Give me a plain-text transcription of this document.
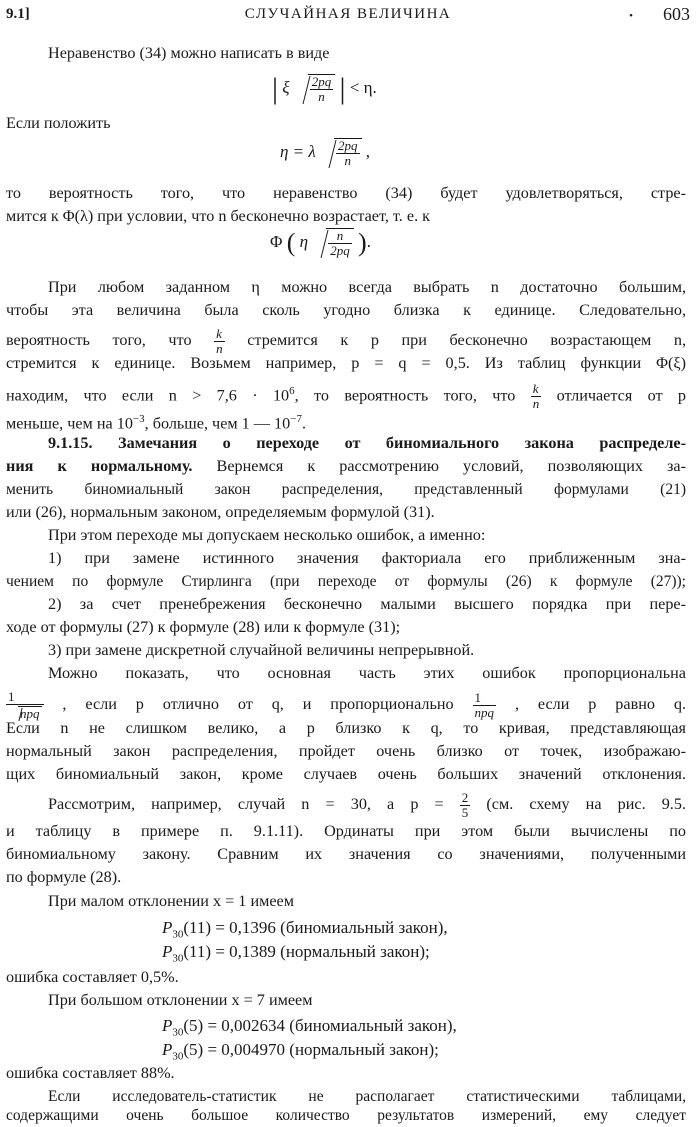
9.1]	СЛУЧАЙНАЯ ВЕЛИЧИНА	• 603
Неравенство (34) можно написать в виде
| ξ $\frac{2pq}{n}$ | < η.
Если положить
η = λ $\frac{2pq}{n}$ ,
то вероятность того, что неравенство (34) будет удовлетворяться, стре-
мится к Φ(λ) при условии, что n бесконечно возрастает, т. е. к
Φ ( η $\frac{n}{2pq}$ ).
При любом заданном η можно всегда выбрать n достаточно большим,
чтобы эта величина была сколь угодно близка к единице. Следовательно,
вероятность того, что $\frac{k}{n}$ стремится к p при бесконечно возрастающем n,
стремится к единице. Возьмем например, p = q = 0,5. Из таблиц функции Φ(ξ)
находим, что если $n > 7,6 \cdot 10^6$, то вероятность того, что $\frac{k}{n}$ отличается от p
меньше, чем на $10^{-3}$, больше, чем 1 — $10^{-7}$.
9.1.15. Замечания о переходе от биномиального закона распределе-
ния к нормальному. Вернемся к рассмотрению условий, позволяющих за-
менить биномиальный закон распределения, представленный формулами (21)
или (26), нормальным законом, определяемым формулой (31).
При этом переходе мы допускаем несколько ошибок, а именно:
1) при замене истинного значения факториала его приближенным зна-
чением по формуле Стирлинга (при переходе от формулы (26) к формуле (27));
2) за счет пренебрежения бесконечно малыми высшего порядка при пере-
ходе от формулы (27) к формуле (28) или к формуле (31);
3) при замене дискретной случайной величины непрерывной.
Можно показать, что основная часть этих ошибок пропорциональна
$\frac{1}{\text{npq}}$ , если p отлично от q, и пропорционально $\frac{1}{\text{npq}}$ , если p равно q.
Если n не слишком велико, а p близко к q, то кривая, представляющая
нормальный закон распределения, пройдет очень близко от точек, изображаю-
щих биномиальный закон, кроме случаев очень больших значений отклонения.
Рассмотрим, например, случай n = 30, а $p = \frac{2}{5} (см$. схему на рис. 9.5.
и таблицу в примере п. 9.1.11). Ординаты при этом были вычислены по
биномиальному закону. Сравним их значения со значениями, полученными
по формуле (28).
При малом отклонении x = 1 имеем
$P_{30}(11) = 0,1396$ (биномиальный закон),
$P_{30}(11) = 0,1389$ (нормальный закон);
ошибка составляет 0,5%.
При большом отклонении x = 7 имеем
$P_{30}(5) = 0,002634$ (биномиальный закон),
$P_{30}(5) = 0,004970$ (нормальный закон);
ошибка составляет 88%.
Если исследователь-статистик не располагает статистическими таблицами,
содержащими очень большое количество результатов измерений, ему следует
